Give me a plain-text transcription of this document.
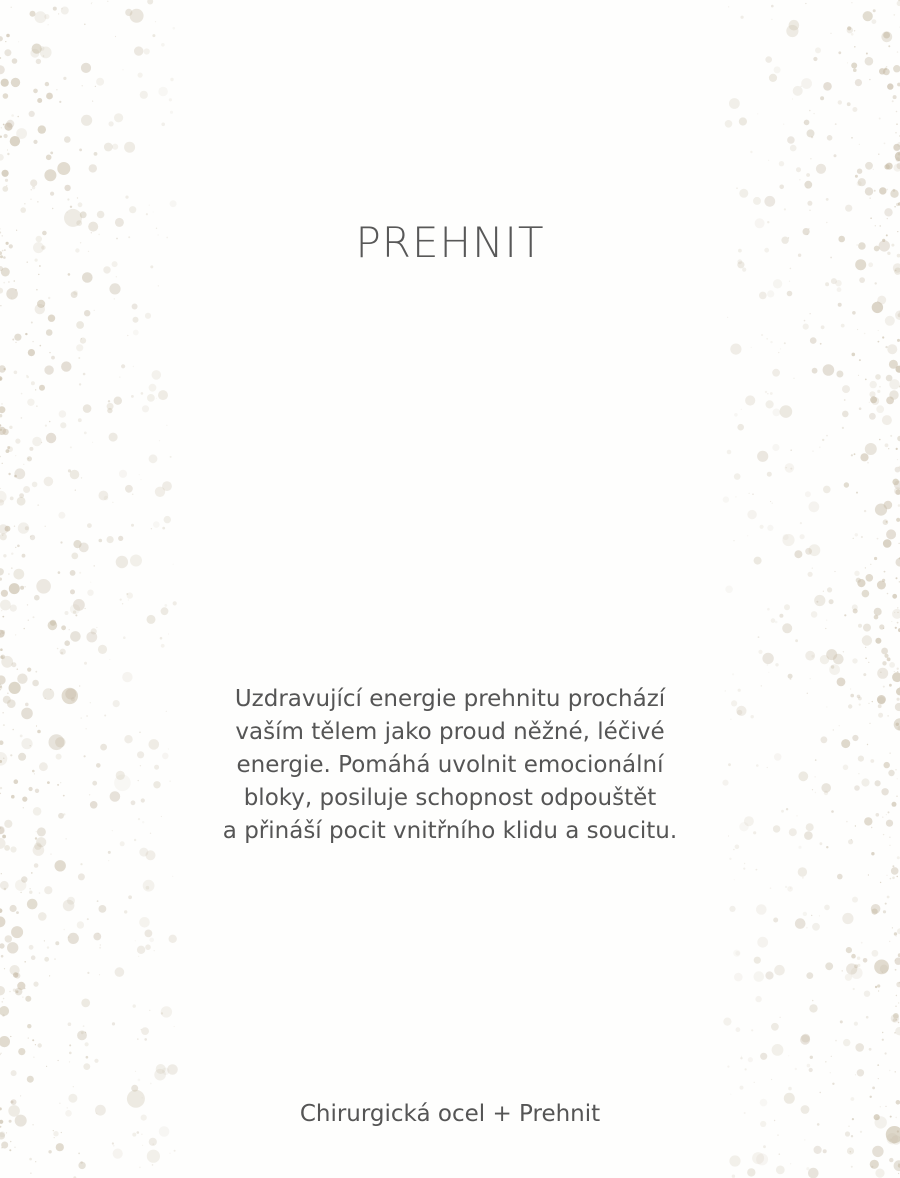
PREHNIT
Uzdravující energie prehnitu prochází
vaším tělem jako proud něžné, léčivé
energie. Pomáhá uvolnit emocionální
bloky, posiluje schopnost odpouštět
a přináší pocit vnitřního klidu a soucitu.
Chirurgická ocel + Prehnit
